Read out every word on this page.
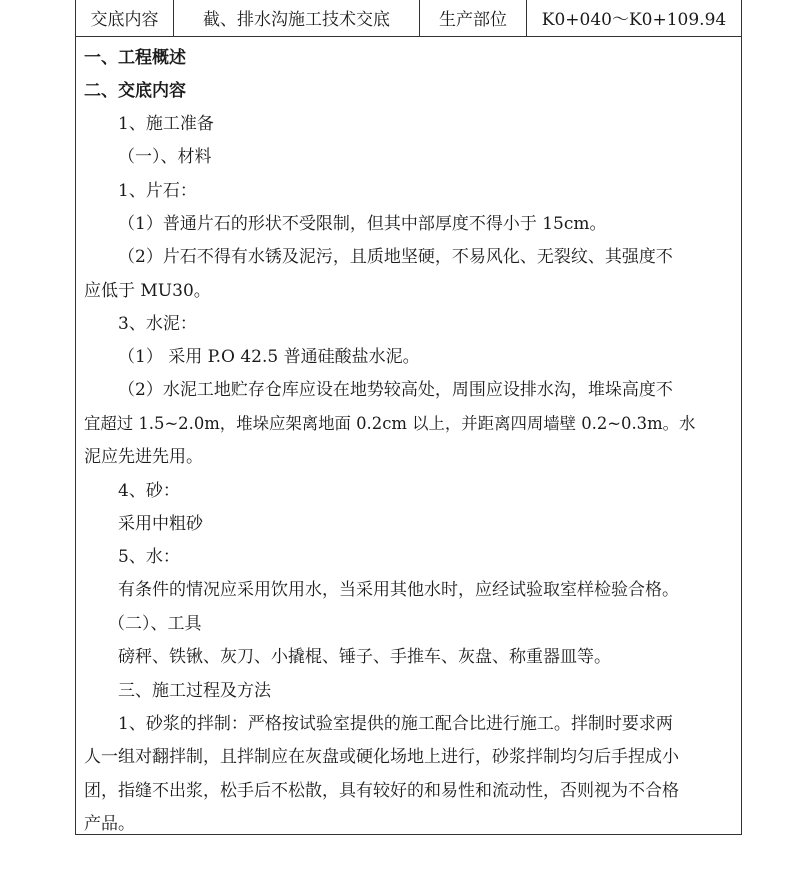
交底内容	截、排水沟施工技术交底	生产部位	K0+040～K0+109.94
一、工程概述
二、交底内容
1、施工准备
（一）、材料
1、片石：
（1）普通片石的形状不受限制，但其中部厚度不得小于 15cm。
（2）片石不得有水锈及泥污，且质地坚硬，不易风化、无裂纹、其强度不
应低于 MU30。
3、水泥：
（1） 采用 P.O 42.5 普通硅酸盐水泥。
（2）水泥工地贮存仓库应设在地势较高处，周围应设排水沟，堆垛高度不
宜超过 1.5~2.0m，堆垛应架离地面 0.2cm 以上，并距离四周墙壁 0.2~0.3m。水
泥应先进先用。
4、砂：
采用中粗砂
5、水：
有条件的情况应采用饮用水，当采用其他水时，应经试验取室样检验合格。
（二）、工具
磅秤、铁锹、灰刀、小撬棍、锤子、手推车、灰盘、称重器皿等。
三、施工过程及方法
1、砂浆的拌制：严格按试验室提供的施工配合比进行施工。拌制时要求两
人一组对翻拌制，且拌制应在灰盘或硬化场地上进行，砂浆拌制均匀后手捏成小
团，指缝不出浆，松手后不松散，具有较好的和易性和流动性，否则视为不合格
产品。
